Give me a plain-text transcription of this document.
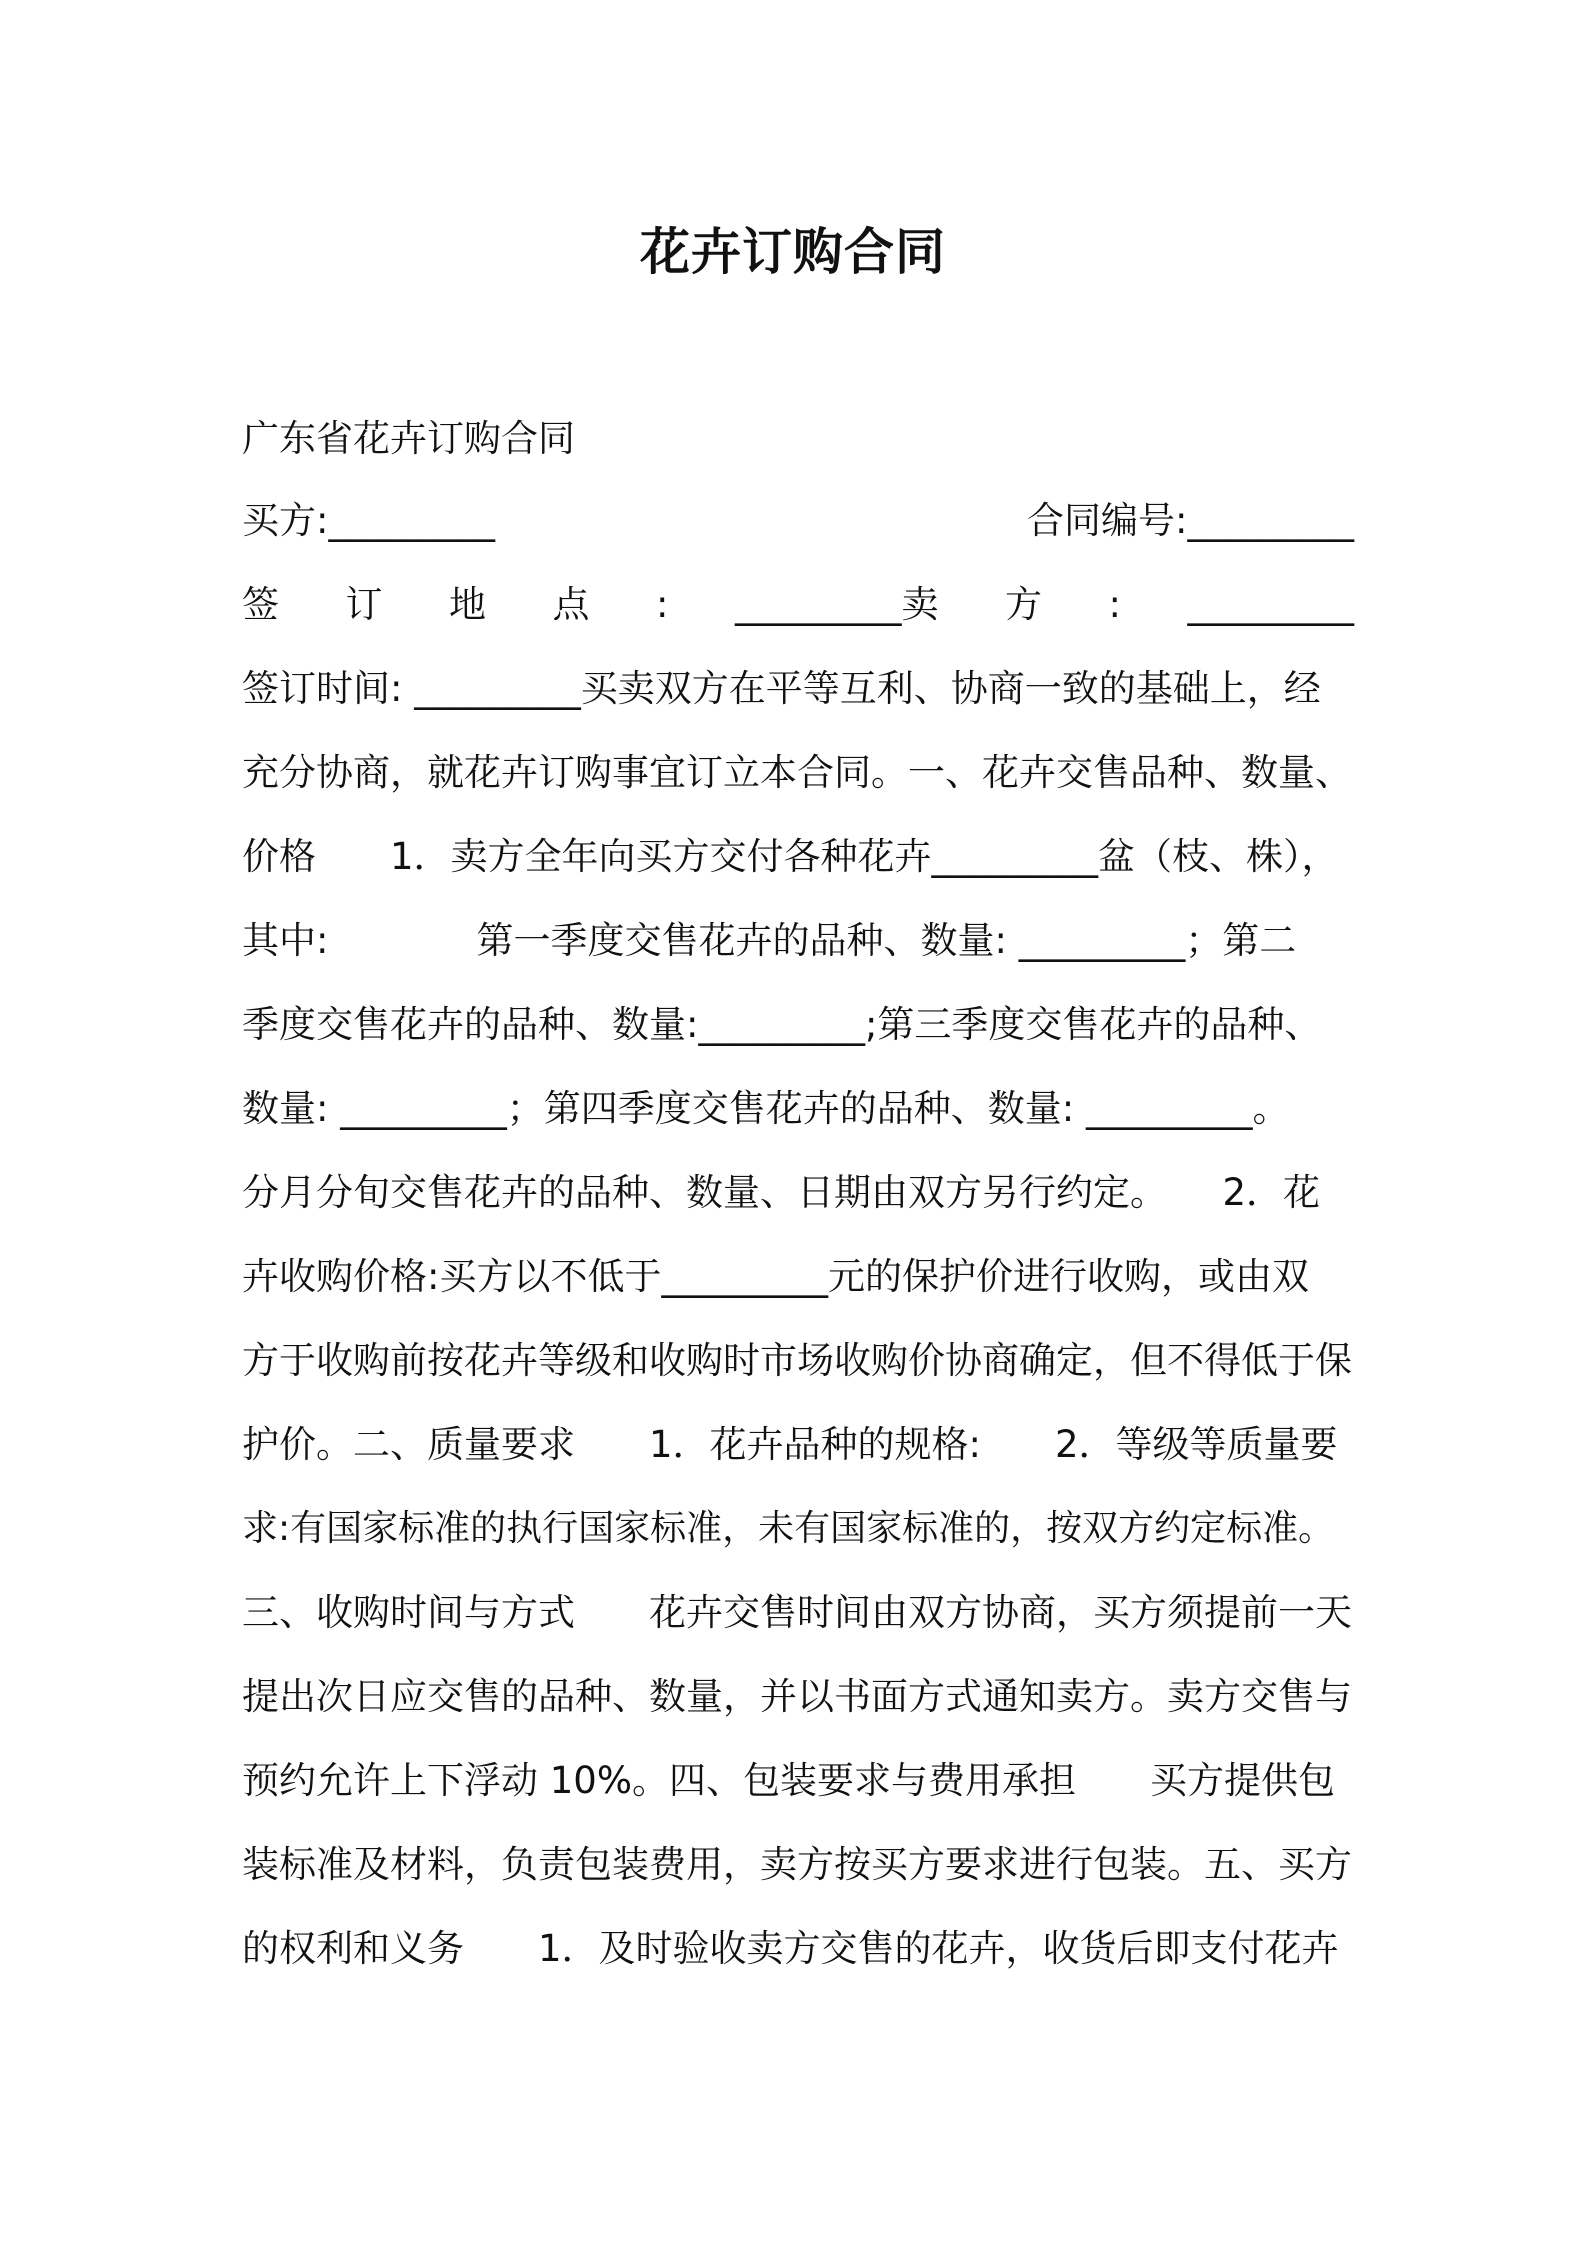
花卉订购合同

广东省花卉订购合同

买方:_________	合同编号:_________
签 订 地 点 : _________卖 方 : _________

签订时间: _________买卖双方在平等互利、协商一致的基础上，经

充分协商，就花卉订购事宜订立本合同。一、花卉交售品种、数量、

价格　　1．卖方全年向买方交付各种花卉_________盆（枝、株），

其中:　　　　第一季度交售花卉的品种、数量: _________；第二

季度交售花卉的品种、数量:_________;第三季度交售花卉的品种、

数量: _________；第四季度交售花卉的品种、数量: _________。

分月分旬交售花卉的品种、数量、日期由双方另行约定。　　2．花

卉收购价格:买方以不低于_________元的保护价进行收购，或由双

方于收购前按花卉等级和收购时市场收购价协商确定，但不得低于保

护价。二、质量要求　　1．花卉品种的规格:　　2．等级等质量要

求:有国家标准的执行国家标准，未有国家标准的，按双方约定标准。

三、收购时间与方式　　花卉交售时间由双方协商，买方须提前一天

提出次日应交售的品种、数量，并以书面方式通知卖方。卖方交售与

预约允许上下浮动 10%。四、包装要求与费用承担　　买方提供包

装标准及材料，负责包装费用，卖方按买方要求进行包装。五、买方

的权利和义务　　1．及时验收卖方交售的花卉，收货后即支付花卉
